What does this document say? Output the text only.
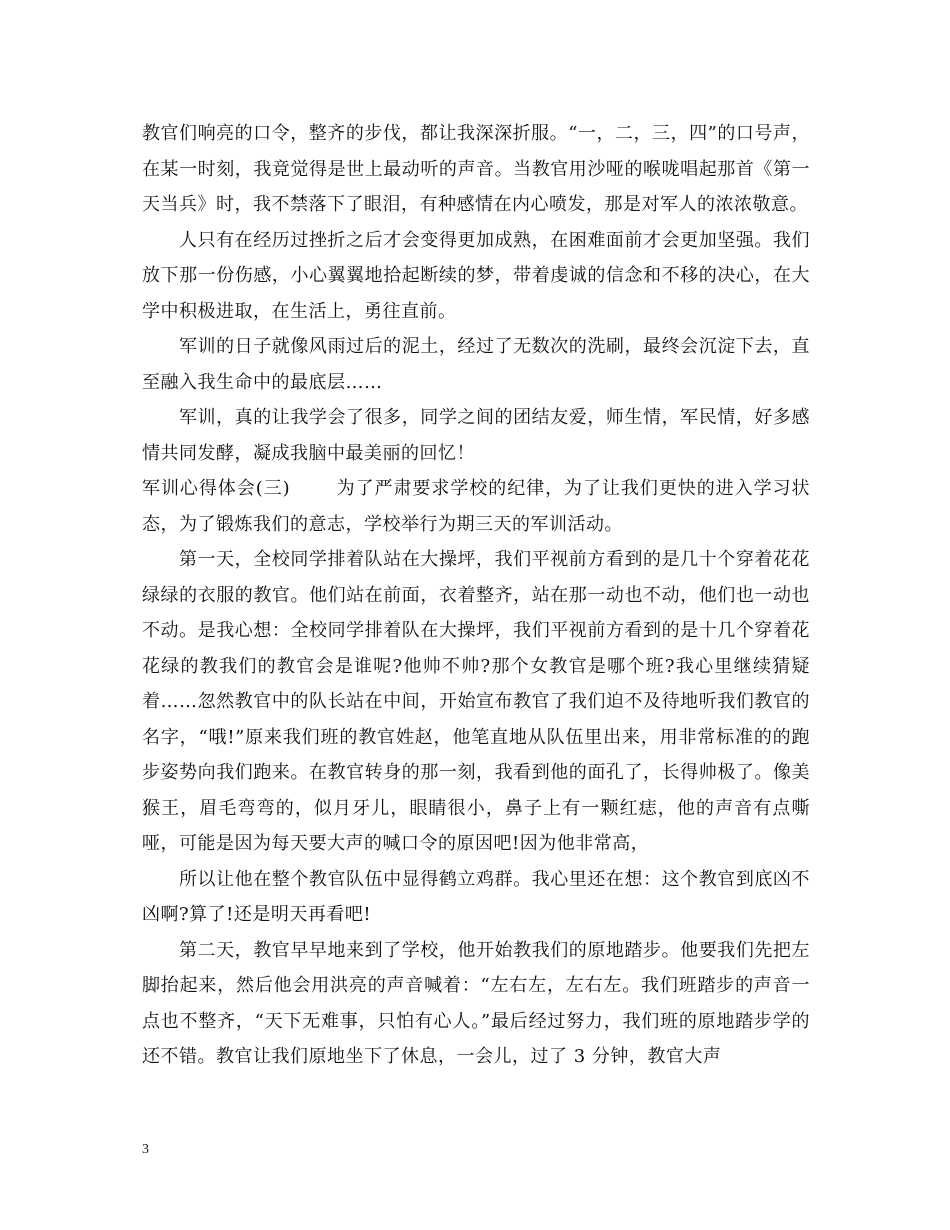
教官们响亮的口令，整齐的步伐，都让我深深折服。“一，二，三，四”的口号声，在某一时刻，我竟觉得是世上最动听的声音。当教官用沙哑的喉咙唱起那首《第一天当兵》时，我不禁落下了眼泪，有种感情在内心喷发，那是对军人的浓浓敬意。

人只有在经历过挫折之后才会变得更加成熟，在困难面前才会更加坚强。我们放下那一份伤感，小心翼翼地拾起断续的梦，带着虔诚的信念和不移的决心，在大学中积极进取，在生活上，勇往直前。

军训的日子就像风雨过后的泥土，经过了无数次的洗刷，最终会沉淀下去，直至融入我生命中的最底层……

军训，真的让我学会了很多，同学之间的团结友爱，师生情，军民情，好多感情共同发酵，凝成我脑中最美丽的回忆！

军训心得体会(三)	为了严肃要求学校的纪律，为了让我们更快的进入学习状态，为了锻炼我们的意志，学校举行为期三天的军训活动。

第一天，全校同学排着队站在大操坪，我们平视前方看到的是几十个穿着花花绿绿的衣服的教官。他们站在前面，衣着整齐，站在那一动也不动，他们也一动也不动。是我心想：全校同学排着队在大操坪，我们平视前方看到的是十几个穿着花花绿的教我们的教官会是谁呢?他帅不帅?那个女教官是哪个班?我心里继续猜疑着……忽然教官中的队长站在中间，开始宣布教官了我们迫不及待地听我们教官的名字，“哦!”原来我们班的教官姓赵，他笔直地从队伍里出来，用非常标准的的跑步姿势向我们跑来。在教官转身的那一刻，我看到他的面孔了，长得帅极了。像美猴王，眉毛弯弯的，似月牙儿，眼睛很小，鼻子上有一颗红痣，他的声音有点嘶哑，可能是因为每天要大声的喊口令的原因吧!因为他非常高，

所以让他在整个教官队伍中显得鹤立鸡群。我心里还在想：这个教官到底凶不凶啊?算了!还是明天再看吧!

第二天，教官早早地来到了学校，他开始教我们的原地踏步。他要我们先把左脚抬起来，然后他会用洪亮的声音喊着：“左右左，左右左。我们班踏步的声音一点也不整齐，“天下无难事，只怕有心人。”最后经过努力，我们班的原地踏步学的还不错。教官让我们原地坐下了休息，一会儿，过了 3 分钟，教官大声

3
